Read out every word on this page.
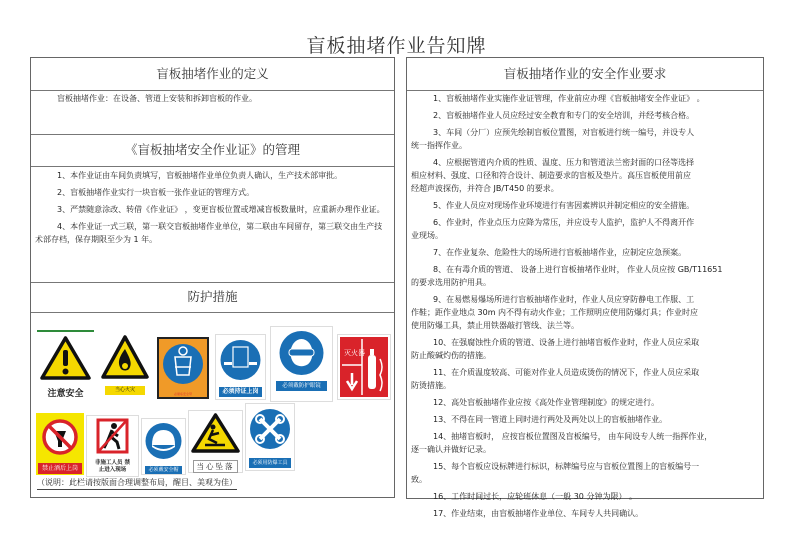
盲板抽堵作业告知牌
盲板抽堵作业的定义

盲板抽堵作业：在设备、管道上安装和拆卸盲板的作业。

《盲板抽堵安全作业证》的管理

1、本作业证由车间负责填写，盲板抽堵作业单位负责人确认，生产技术部审批。

2、盲板抽堵作业实行一块盲板一张作业证的管理方式。

3、严禁随意涂改、转借《作业证》 ，变更盲板位置或增减盲板数量时，应重新办理作业证。

4、本作业证一式三联，第一联交盲板抽堵作业单位，第二联由车间留存，第三联交由生产技术部存档，保存期限至少为 1 年。

防护措施
注意安全	当心火灾
必须系安全带	必须持证上岗
必须戴防护眼镜
灭火器
禁止酒后上岗
非施工人员 禁止进入现场	必须戴安全帽	当心坠落	必须用防爆工具
（说明：此栏请按版面合理调整布局，醒目、美观为佳）
盲板抽堵作业的安全作业要求

1、盲板抽堵作业实施作业证管理，作业前应办理《盲板抽堵安全作业证》 。

2、盲板抽堵作业人员应经过安全教育和专门的安全培训，并经考核合格。

3、车间（分厂）应预先绘制盲板位置图，对盲板进行统一编号，并设专人

统一指挥作业。

4、应根据管道内介质的性质、温度、压力和管道法兰密封面的口径等选择

相应材料、强度、口径和符合设计、制造要求的盲板及垫片。高压盲板使用前应

经超声波探伤，并符合 JB/T450 的要求。

5、作业人员应对现场作业环境进行有害因素辨识并制定相应的安全措施。

6、作业时，作业点压力应降为常压，并应设专人监护，监护人不得离开作

业现场。

7、在作业复杂、危险性大的场所进行盲板抽堵作业，应制定应急预案。

8、在有毒介质的管道、 设备上进行盲板抽堵作业时， 作业人员应按 GB/T11651

的要求选用防护用具。

9、在易燃易爆场所进行盲板抽堵作业时，作业人员应穿防静电工作服、工

作鞋；距作业地点 30m 内不得有动火作业；工作照明应使用防爆灯具；作业时应

使用防爆工具，禁止用铁器敲打管线、法兰等。

10、在强腐蚀性介质的管道、设备上进行抽堵盲板作业时，作业人员应采取

防止酸碱灼伤的措施。

11、在介质温度较高、可能对作业人员造成烫伤的情况下，作业人员应采取

防烫措施。

12、高处盲板抽堵作业应按《高处作业管理制度》的规定进行。

13、不得在同一管道上同时进行两处及两处以上的盲板抽堵作业。

14、抽堵盲板时， 应按盲板位置图及盲板编号， 由车间设专人统一指挥作业，

逐一确认并做好记录。

15、每个盲板应设标牌进行标识，标牌编号应与盲板位置图上的盲板编号一

致。

16、工作时间过长，应轮班休息（一般 30 分钟为限） 。

17、作业结束，由盲板抽堵作业单位、车间专人共同确认。
